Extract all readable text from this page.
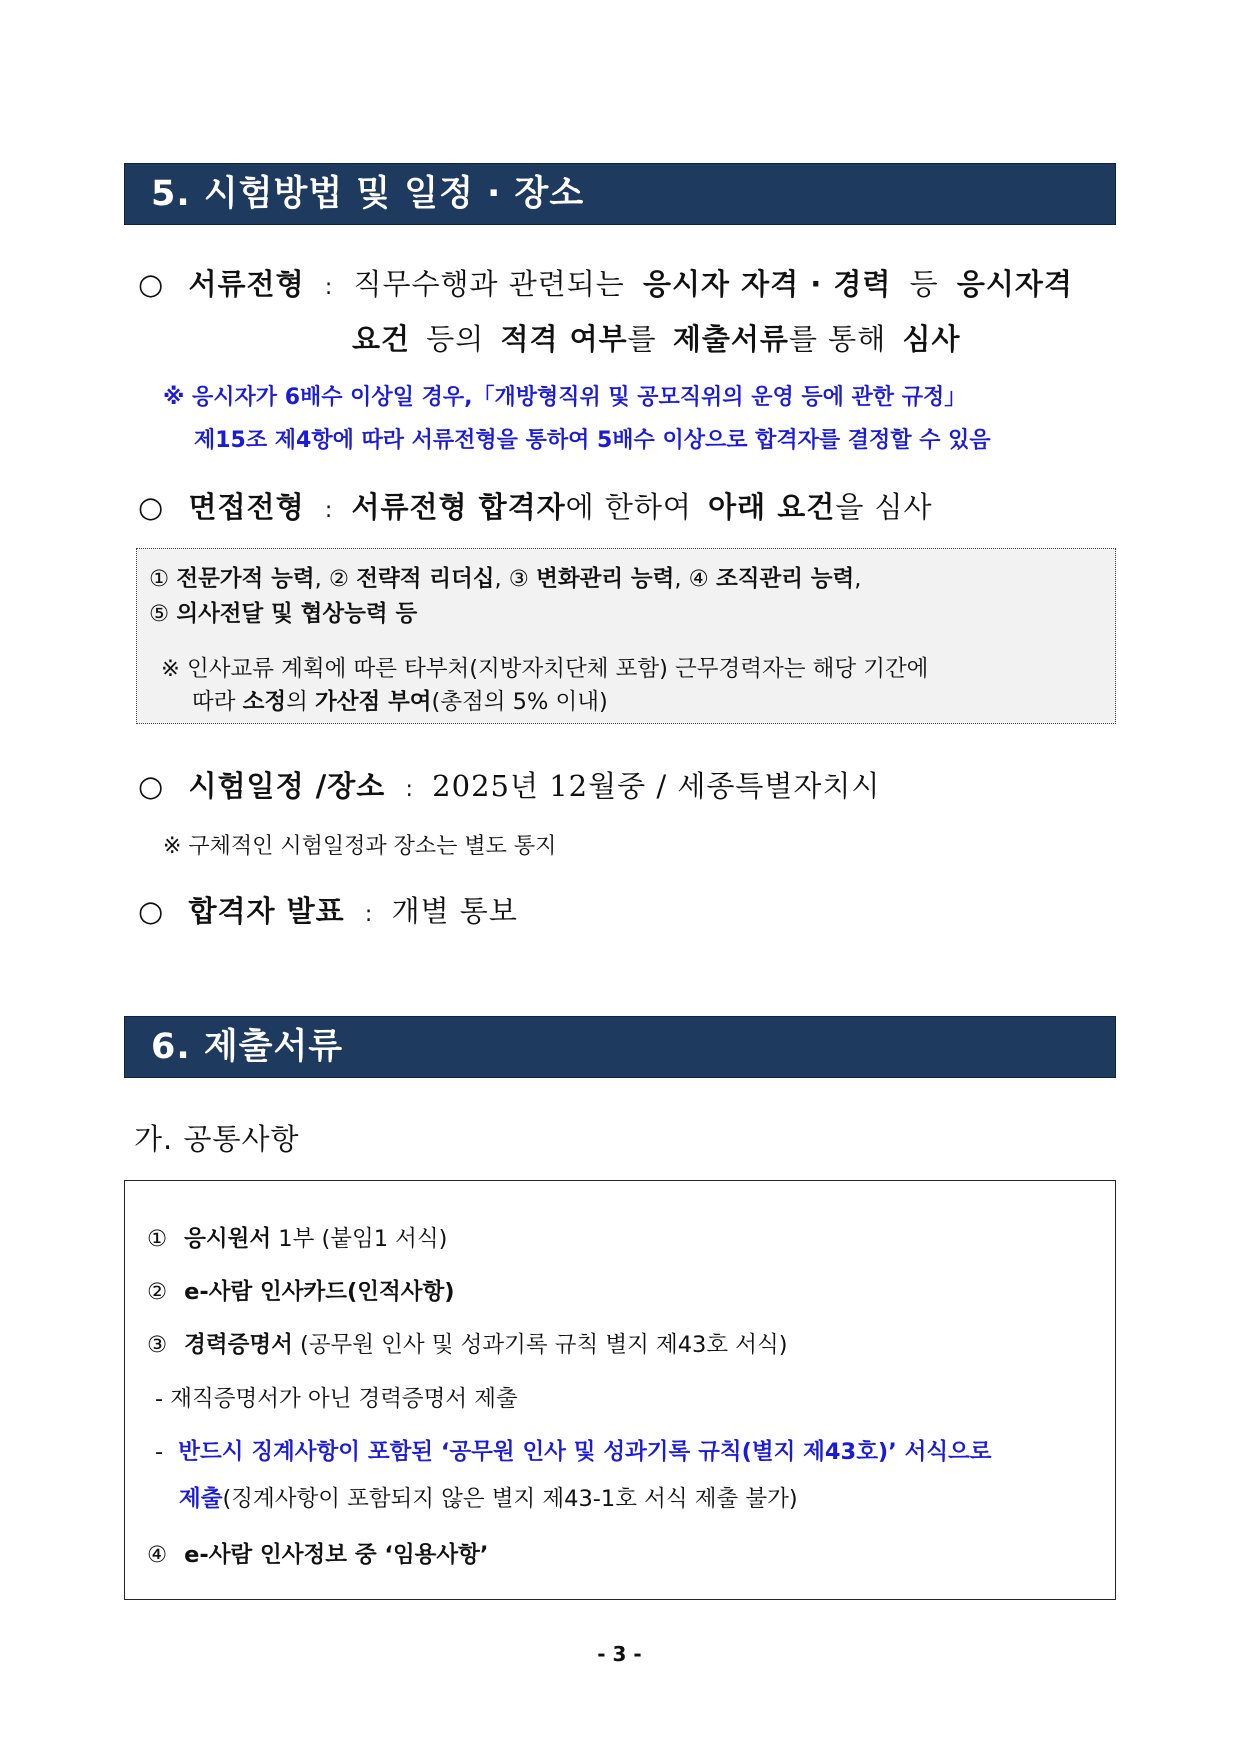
5. 시험방법 및 일정 · 장소
○ 서류전형 : 직무수행과 관련되는 응시자 자격 · 경력 등 응시자격
요건 등의 적격 여부를 제출서류를 통해 심사
※ 응시자가 6배수 이상일 경우,「개방형직위 및 공모직위의 운영 등에 관한 규정」
제15조 제4항에 따라 서류전형을 통하여 5배수 이상으로 합격자를 결정할 수 있음
○ 면접전형 : 서류전형 합격자에 한하여 아래 요건을 심사
① 전문가적 능력, ② 전략적 리더십, ③ 변화관리 능력, ④ 조직관리 능력,
⑤ 의사전달 및 협상능력 등
※ 인사교류 계획에 따른 타부처(지방자치단체 포함) 근무경력자는 해당 기간에
따라 소정의 가산점 부여(총점의 5% 이내)
○ 시험일정 /장소 : 2025년 12월중 / 세종특별자치시
※ 구체적인 시험일정과 장소는 별도 통지
○ 합격자 발표 : 개별 통보
6. 제출서류
가. 공통사항
① 응시원서 1부 (붙임1 서식)
② e-사람 인사카드(인적사항)
③ 경력증명서 (공무원 인사 및 성과기록 규칙 별지 제43호 서식)
- 재직증명서가 아닌 경력증명서 제출
- 반드시 징계사항이 포함된 ‘공무원 인사 및 성과기록 규칙(별지 제43호)’ 서식으로
제출(징계사항이 포함되지 않은 별지 제43-1호 서식 제출 불가)
④ e-사람 인사정보 중 ‘임용사항’
- 3 -
